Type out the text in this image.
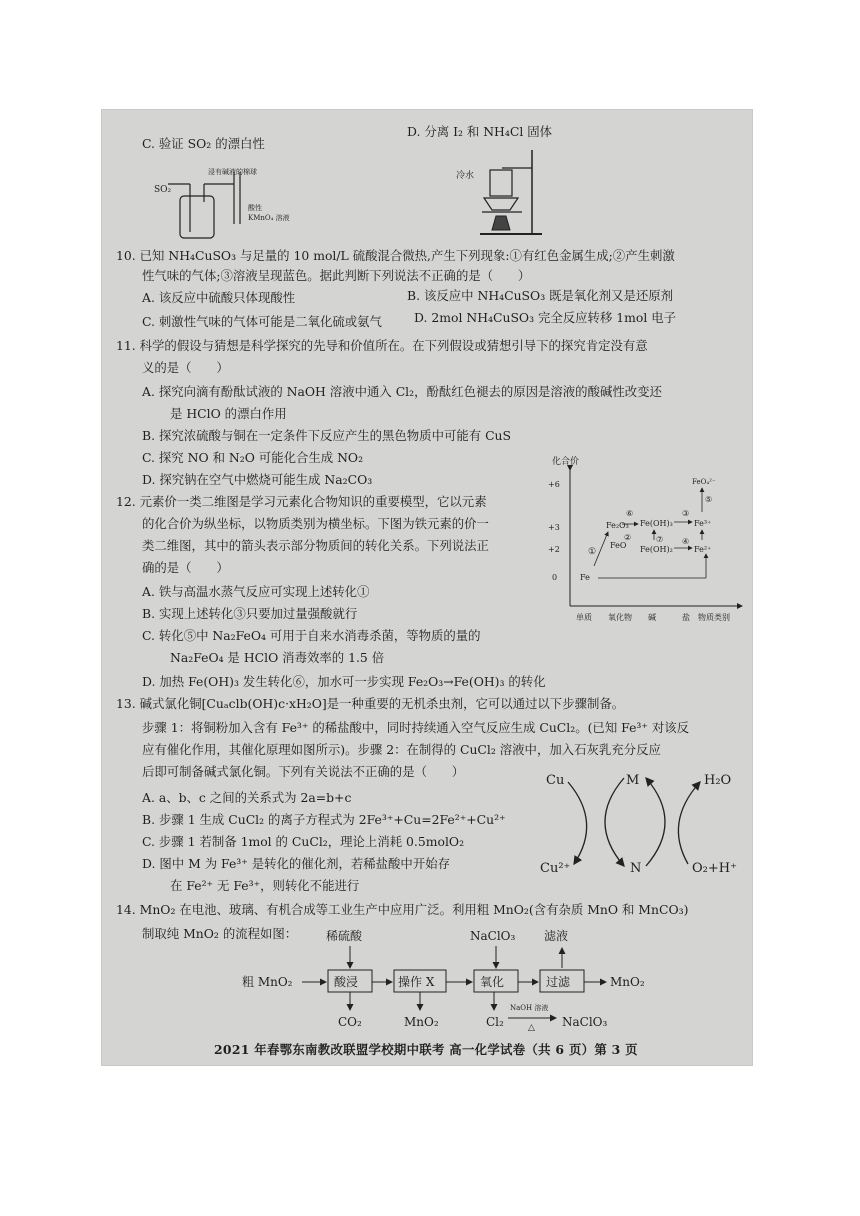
C. 验证 SO₂ 的漂白性
D. 分离 I₂ 和 NH₄Cl 固体
SO₂
浸有碱液的棉球
酸性
KMnO₄ 溶液
冷水
10. 已知 NH₄CuSO₃ 与足量的 10 mol/L 硫酸混合微热,产生下列现象:①有红色金属生成;②产生刺激
性气味的气体;③溶液呈现蓝色。据此判断下列说法不正确的是（　　）
A. 该反应中硫酸只体现酸性	B. 该反应中 NH₄CuSO₃ 既是氧化剂又是还原剂
C. 刺激性气味的气体可能是二氧化硫或氨气	D. 2mol NH₄CuSO₃ 完全反应转移 1mol 电子
11. 科学的假设与猜想是科学探究的先导和价值所在。在下列假设或猜想引导下的探究肯定没有意
义的是（　　）
A. 探究向滴有酚酞试液的 NaOH 溶液中通入 Cl₂，酚酞红色褪去的原因是溶液的酸碱性改变还
是 HClO 的漂白作用
B. 探究浓硫酸与铜在一定条件下反应产生的黑色物质中可能有 CuS
C. 探究 NO 和 N₂O 可能化合生成 NO₂
D. 探究钠在空气中燃烧可能生成 Na₂CO₃
12. 元素价一类二维图是学习元素化合物知识的重要模型，它以元素
的化合价为纵坐标，以物质类别为横坐标。下图为铁元素的价一
类二维图，其中的箭头表示部分物质间的转化关系。下列说法正
确的是（　　）
A. 铁与高温水蒸气反应可实现上述转化①
B. 实现上述转化③只要加过量强酸就行
C. 转化⑤中 Na₂FeO₄ 可用于自来水消毒杀菌，等物质的量的
Na₂FeO₄ 是 HClO 消毒效率的 1.5 倍
D. 加热 Fe(OH)₃ 发生转化⑥，加水可一步实现 Fe₂O₃→Fe(OH)₃ 的转化
化合价
+6
+3
+2
0
单质 氧化物 碱	盐 物质类别
Fe
FeO
Fe₂O₃ Fe(OH)₃
Fe(OH)₂
Fe³⁺
Fe²⁺
FeO₄²⁻
①
②
③
④
⑤
⑥
⑦
13. 碱式氯化铜[Cuₐclb(OH)c·xH₂O]是一种重要的无机杀虫剂，它可以通过以下步骤制备。
步骤 1：将铜粉加入含有 Fe³⁺ 的稀盐酸中，同时持续通入空气反应生成 CuCl₂。(已知 Fe³⁺ 对该反
应有催化作用，其催化原理如图所示)。步骤 2：在制得的 CuCl₂ 溶液中，加入石灰乳充分反应
后即可制备碱式氯化铜。下列有关说法不正确的是（　　）
A. a、b、c 之间的关系式为 2a=b+c
B. 步骤 1 生成 CuCl₂ 的离子方程式为 2Fe³⁺+Cu=2Fe²⁺+Cu²⁺
C. 步骤 1 若制备 1mol 的 CuCl₂，理论上消耗 0.5molO₂
D. 图中 M 为 Fe³⁺ 是转化的催化剂，若稀盐酸中开始存
在 Fe²⁺ 无 Fe³⁺，则转化不能进行
Cu
Cu²⁺
M
N
H₂O
O₂+H⁺
14. MnO₂ 在电池、玻璃、有机合成等工业生产中应用广泛。利用粗 MnO₂(含有杂质 MnO 和 MnCO₃)
制取纯 MnO₂ 的流程如图：
粗 MnO₂	酸浸
稀硫酸
CO₂
操作 X
MnO₂
氧化
NaClO₃
Cl₂
NaOH 溶液
△ NaClO₃
过滤
滤液
MnO₂
2021 年春鄂东南教改联盟学校期中联考 高一化学试卷（共 6 页）第 3 页
